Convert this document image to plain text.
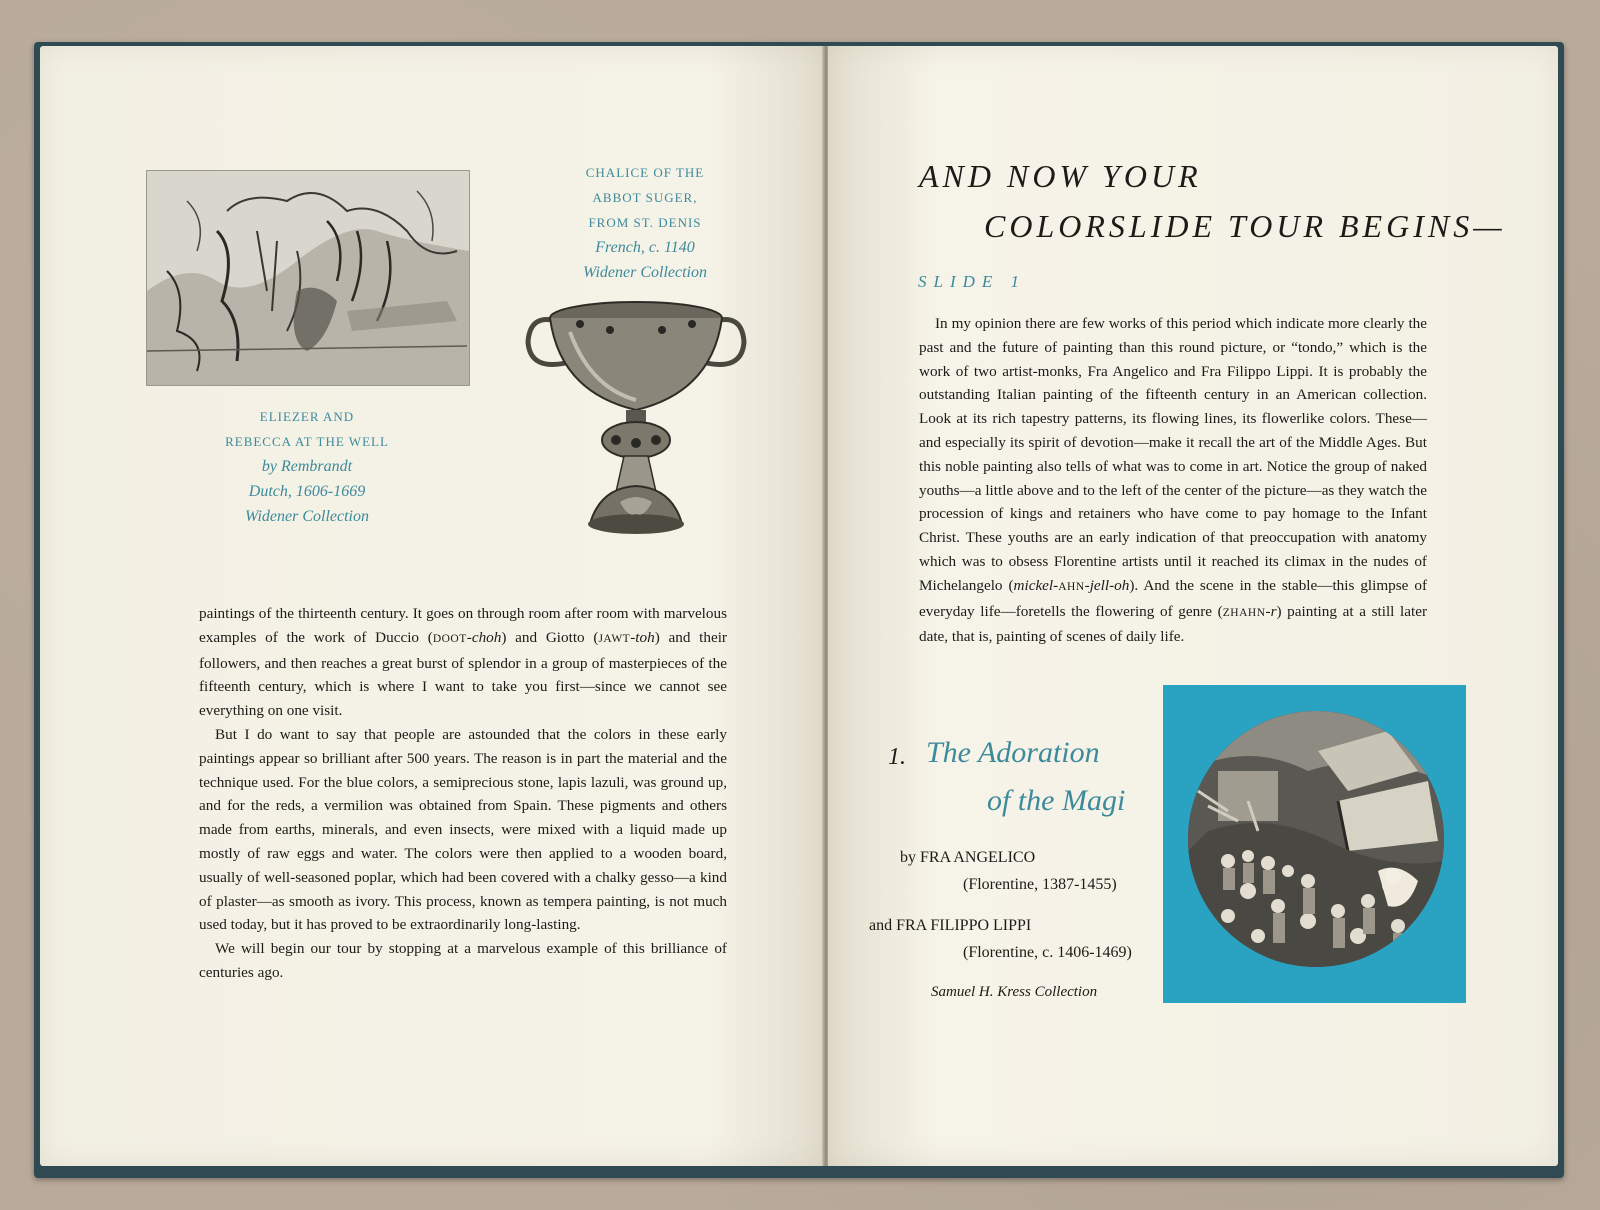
CHALICE OF THE
ABBOT SUGER,
FROM ST. DENIS
French, c. 1140
Widener Collection
ELIEZER AND
REBECCA AT THE WELL
by Rembrandt
Dutch, 1606-1669
Widener Collection

paintings of the thirteenth century. It goes on through room after room with marvelous examples of the work of Duccio (DOOT-choh) and Giotto (JAWT-toh) and their followers, and then reaches a great burst of splendor in a group of masterpieces of the fifteenth century, which is where I want to take you first—since we cannot see everything on one visit.

But I do want to say that people are astounded that the colors in these early paintings appear so brilliant after 500 years. The reason is in part the material and the technique used. For the blue colors, a semiprecious stone, lapis lazuli, was ground up, and for the reds, a vermilion was obtained from Spain. These pigments and others made from earths, minerals, and even insects, were mixed with a liquid made up mostly of raw eggs and water. The colors were then applied to a wooden board, usually of well-seasoned poplar, which had been covered with a chalky gesso—a kind of plaster—as smooth as ivory. This process, known as tempera painting, is not much used today, but it has proved to be extraordinarily long-lasting.

We will begin our tour by stopping at a marvelous example of this brilliance of centuries ago.

AND NOW YOUR
COLORSLIDE TOUR BEGINS—
SLIDE 1

In my opinion there are few works of this period which indicate more clearly the past and the future of painting than this round picture, or “tondo,” which is the work of two artist-monks, Fra Angelico and Fra Filippo Lippi. It is probably the outstanding Italian painting of the fifteenth century in an American collection. Look at its rich tapestry patterns, its flowing lines, its flowerlike colors. These—and especially its spirit of devotion—make it recall the art of the Middle Ages. But this noble painting also tells of what was to come in art. Notice the group of naked youths—a little above and to the left of the center of the picture—as they watch the procession of kings and retainers who have come to pay homage to the Infant Christ. These youths are an early indication of that preoccupation with anatomy which was to obsess Florentine artists until it reached its climax in the nudes of Michelangelo (mickel-AHN-jell-oh). And the scene in the stable—this glimpse of everyday life—foretells the flowering of genre (ZHAHN-r) painting at a still later date, that is, painting of scenes of daily life.

1. The Adoration
of the Magi
by FRA ANGELICO
(Florentine, 1387-1455)
and FRA FILIPPO LIPPI
(Florentine, c. 1406-1469)
Samuel H. Kress Collection
